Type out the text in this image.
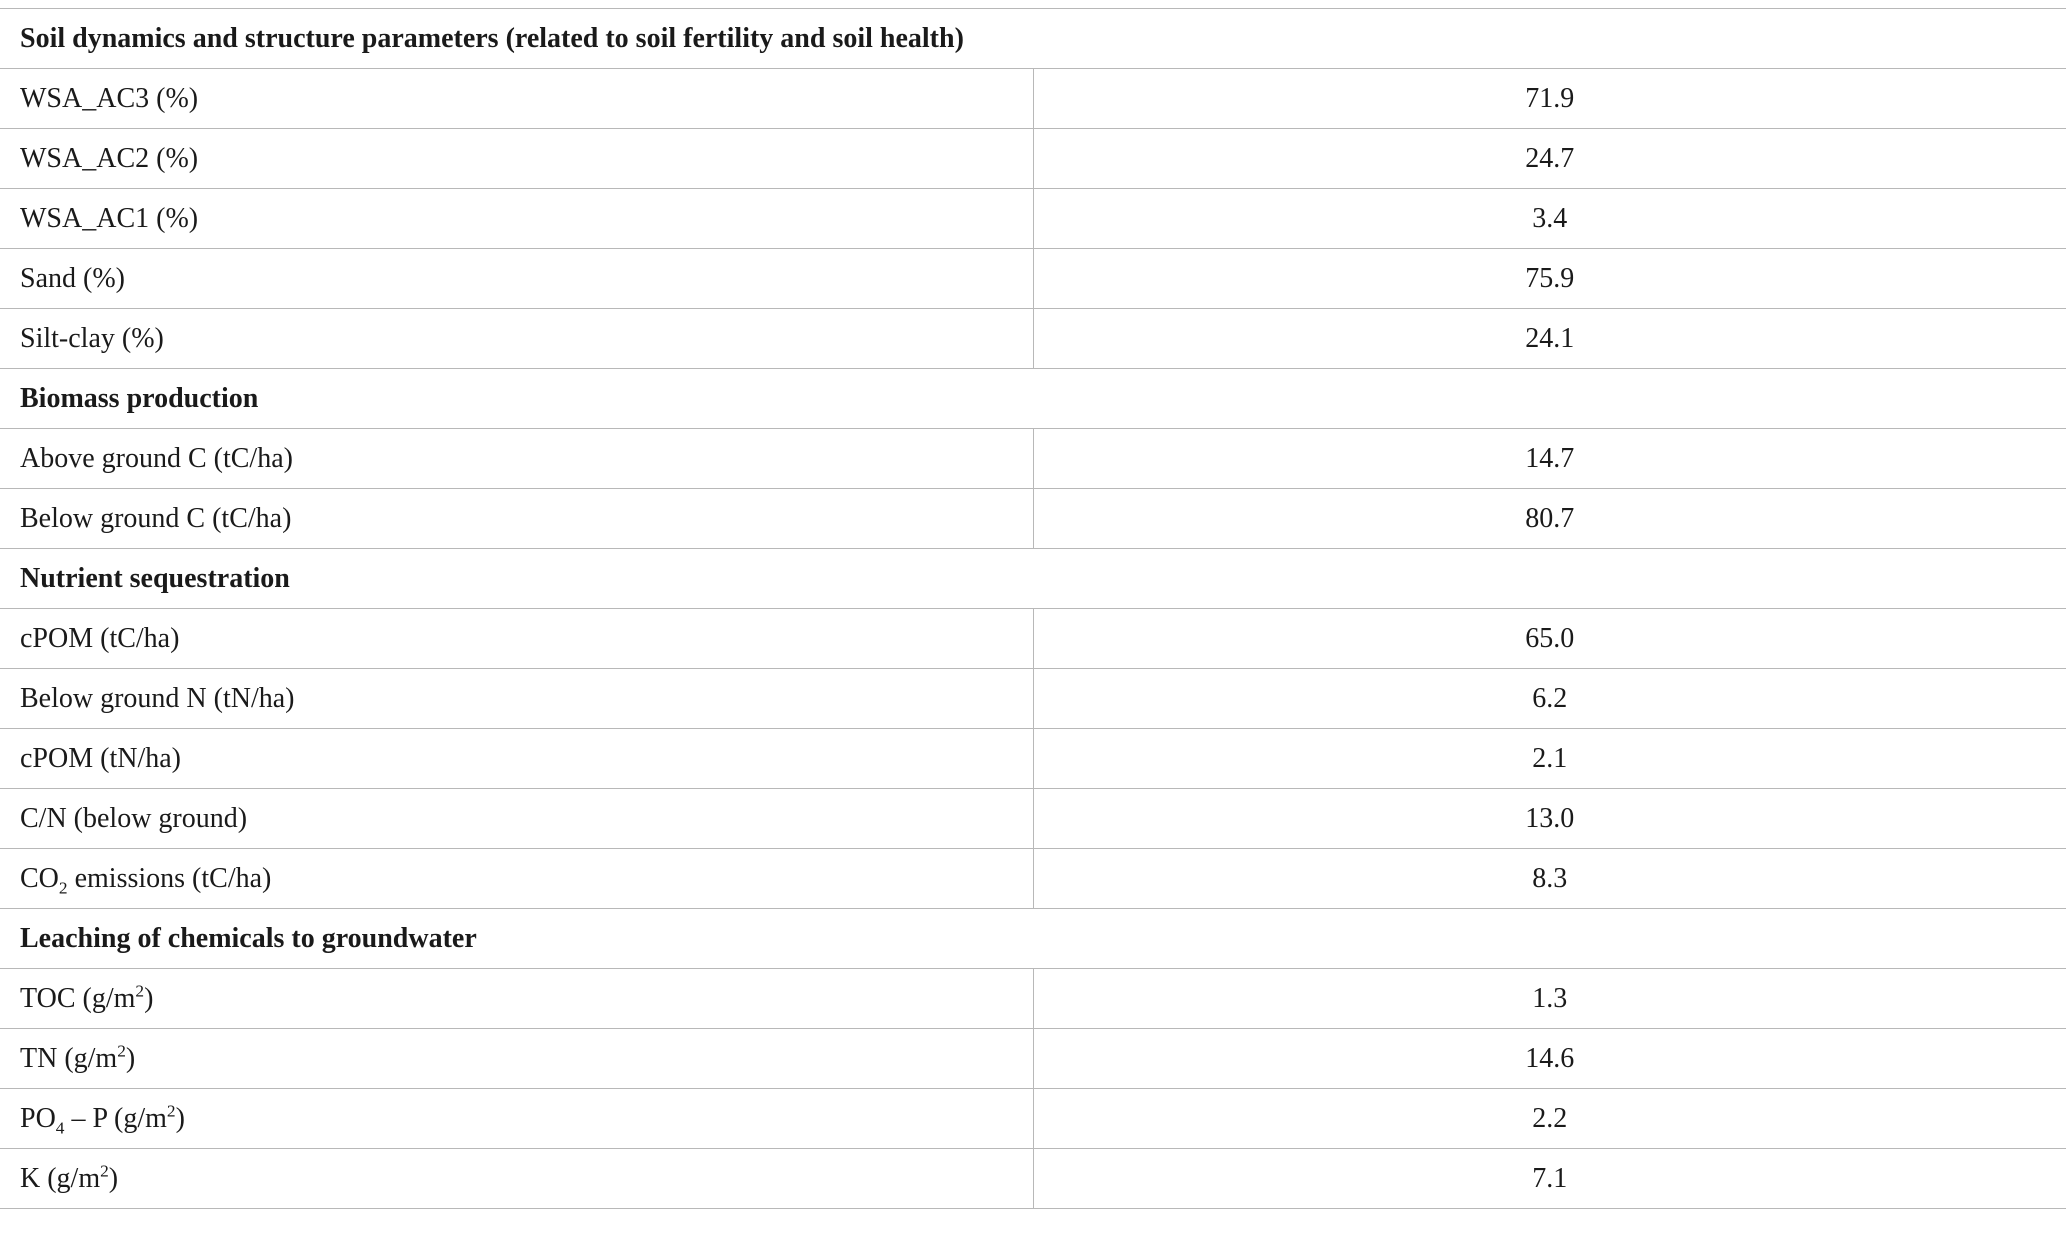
Soil dynamics and structure parameters (related to soil fertility and soil health)	
WSA_AC3 (%)	71.9
WSA_AC2 (%)	24.7
WSA_AC1 (%)	3.4
Sand (%)	75.9
Silt-clay (%)	24.1
Biomass production	
Above ground C (tC/ha)	14.7
Below ground C (tC/ha)	80.7
Nutrient sequestration	
cPOM (tC/ha)	65.0
Below ground N (tN/ha)	6.2
cPOM (tN/ha)	2.1
C/N (below ground)	13.0
$CO_2$ emissions (tC/ha)	8.3
Leaching of chemicals to groundwater	
TOC $(g/m^2)$	1.3
TN $(g/m^2)$	14.6
$PO_4$ – P $(g/m^2)$	2.2
K $(g/m^2)$	7.1
